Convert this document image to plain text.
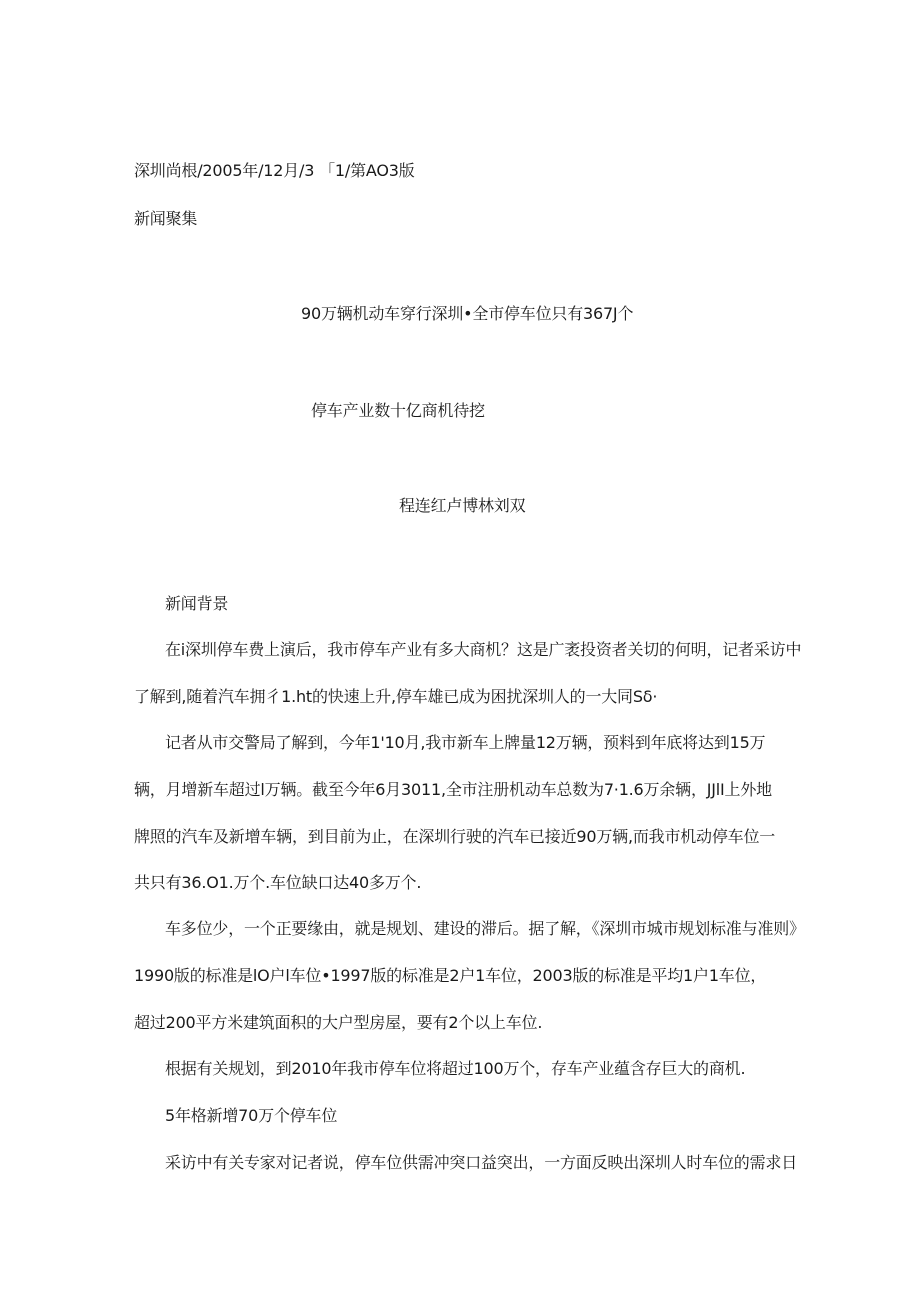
深圳尚根/2005年/12月/3 「1/第AO3版
新闻聚集
90万辆机动车穿行深圳•全市停车位只有367J个
停车产业数十亿商机待挖
程连红卢博林刘双
新闻背景
在i深圳停车费上演后，我市停车产业有多大商机？这是广袤投资者关切的何明，记者采访中
了解到,随着汽车拥彳1.ht的快速上升,停车雄已成为困扰深圳人的一大同Sδ·
记者从市交警局了解到，今年1'10月,我市新车上牌量12万辆，预料到年底将达到15万
辆，月增新车超过l万辆。截至今年6月3011,全市注册机动车总数为7·1.6万余辆，JJlI上外地
牌照的汽车及新增车辆，到目前为止，在深圳行驶的汽车已接近90万辆,而我市机动停车位一
共只有36.O1.万个.车位缺口达40多万个.
车多位少，一个正要缘由，就是规划、建设的滞后。据了解，《深圳市城市规划标准与准则》
1990版的标准是lO户l车位•1997版的标准是2户1车位，2003版的标准是平均1户1车位，
超过200平方米建筑面积的大户型房屋，要有2个以上车位.
根据有关规划，到2010年我市停车位将超过100万个，存车产业蕴含存巨大的商机.
5年格新增70万个停车位
采访中有关专家对记者说，停车位供需冲突口益突出，一方面反映出深圳人时车位的需求日
